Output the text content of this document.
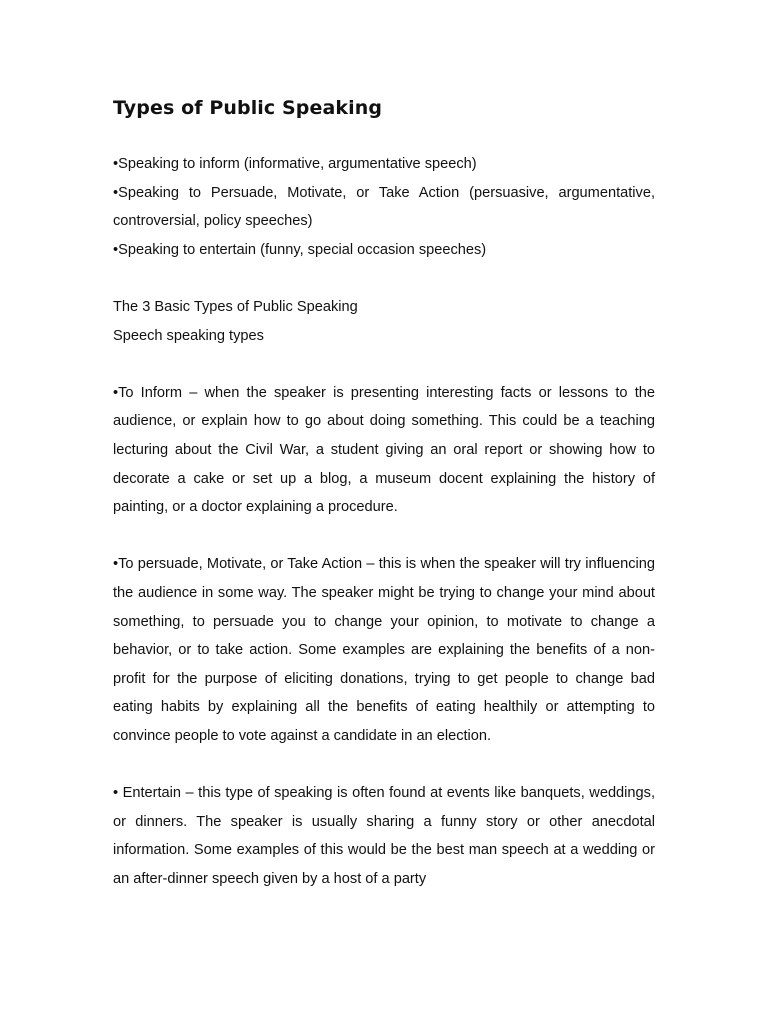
Types of Public Speaking

•Speaking to inform (informative, argumentative speech)

•Speaking to Persuade, Motivate, or Take Action (persuasive, argumentative, controversial, policy speeches)

•Speaking to entertain (funny, special occasion speeches)

The 3 Basic Types of Public Speaking

Speech speaking types

•To Inform – when the speaker is presenting interesting facts or lessons to the audience, or explain how to go about doing something. This could be a teaching lecturing about the Civil War, a student giving an oral report or showing how to decorate a cake or set up a blog, a museum docent explaining the history of painting, or a doctor explaining a procedure.

•To persuade, Motivate, or Take Action – this is when the speaker will try influencing the audience in some way. The speaker might be trying to change your mind about something, to persuade you to change your opinion, to motivate to change a behavior, or to take action. Some examples are explaining the benefits of a non-profit for the purpose of eliciting donations, trying to get people to change bad eating habits by explaining all the benefits of eating healthily or attempting to convince people to vote against a candidate in an election.

• Entertain – this type of speaking is often found at events like banquets, weddings, or dinners. The speaker is usually sharing a funny story or other anecdotal information. Some examples of this would be the best man speech at a wedding or an after-dinner speech given by a host of a party
